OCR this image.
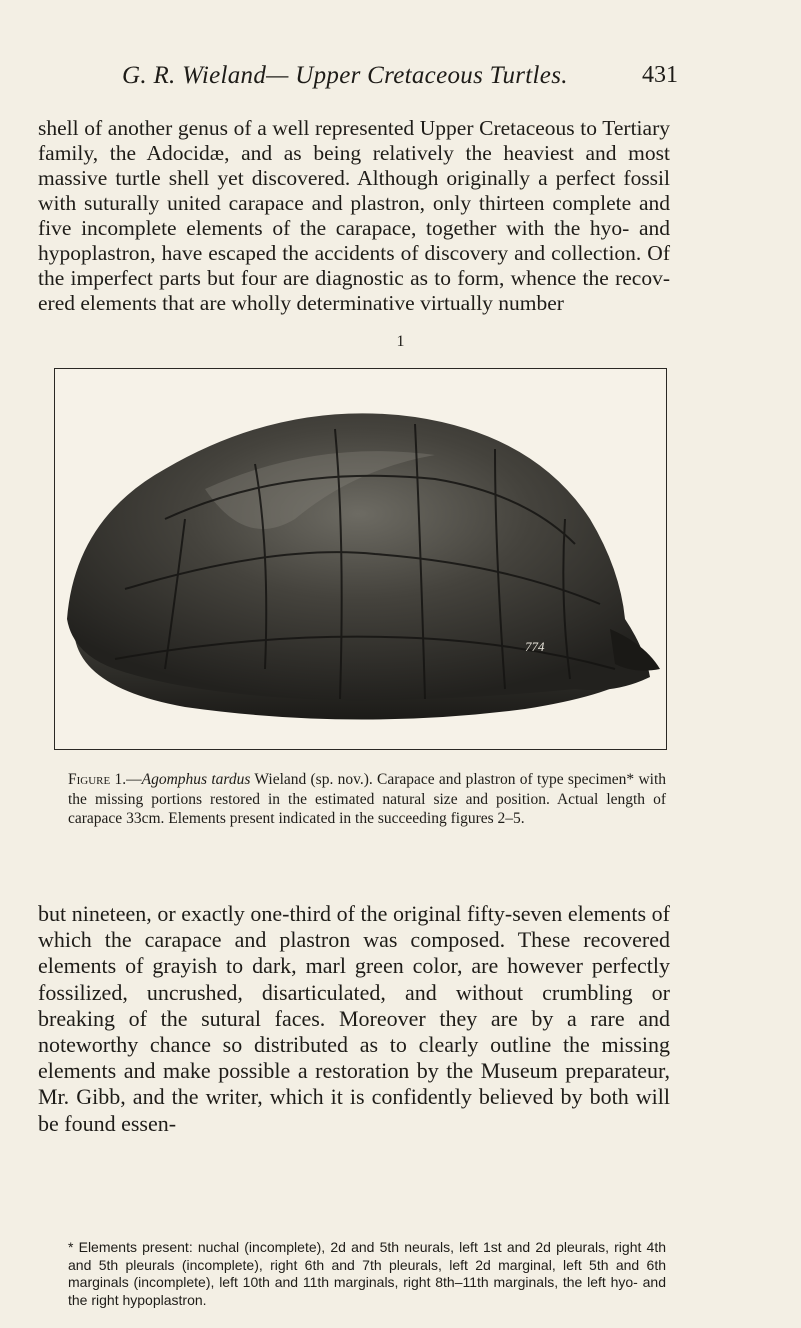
G. R. Wieland— Upper Cretaceous Turtles.	431

shell of another genus of a well represented Upper Cretaceous to Tertiary family, the Adocidæ, and as being relatively the heaviest and most massive turtle shell yet discovered. Although originally a perfect fossil with suturally united carapace and plastron, only thirteen complete and five incomplete elements of the carapace, together with the hyo- and hypoplastron, have escaped the accidents of discovery and collection. Of the imperfect parts but four are diagnostic as to form, whence the recovered elements that are wholly determinative virtually number

1
774

Figure 1.—Agomphus tardus Wieland (sp. nov.). Carapace and plastron of type specimen* with the missing portions restored in the estimated natural size and position. Actual length of carapace 33cm. Elements present indicated in the succeeding figures 2–5.

but nineteen, or exactly one-third of the original fifty-seven elements of which the carapace and plastron was composed. These recovered elements of grayish to dark, marl green color, are however perfectly fossilized, uncrushed, disarticulated, and without crumbling or breaking of the sutural faces. Moreover they are by a rare and noteworthy chance so distributed as to clearly outline the missing elements and make possible a restoration by the Museum preparateur, Mr. Gibb, and the writer, which it is confidently believed by both will be found essen-

* Elements present: nuchal (incomplete), 2d and 5th neurals, left 1st and 2d pleurals, right 4th and 5th pleurals (incomplete), right 6th and 7th pleurals, left 2d marginal, left 5th and 6th marginals (incomplete), left 10th and 11th marginals, right 8th–11th marginals, the left hyo- and the right hypoplastron.
